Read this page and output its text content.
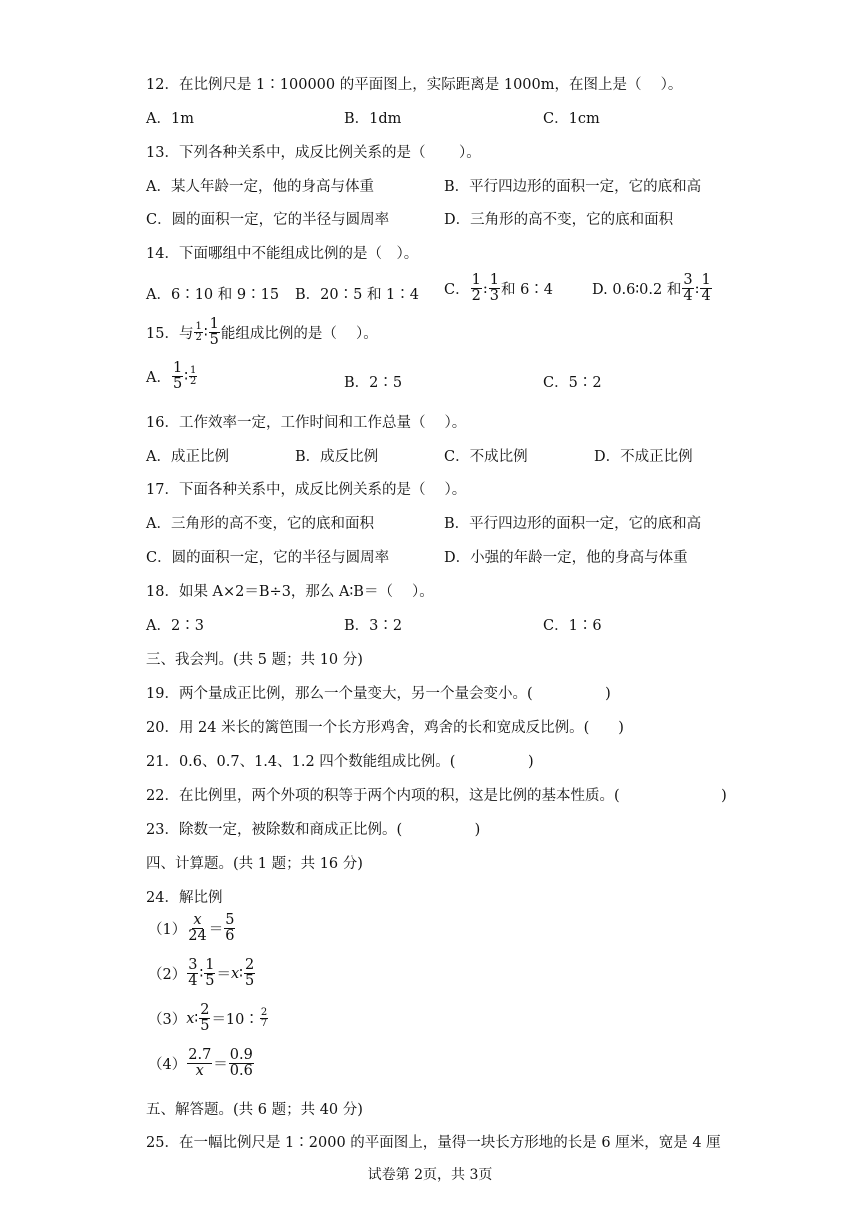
12．在比例尺是 1∶100000 的平面图上，实际距离是 1000m，在图上是（　 ）。
A．1m	B．1dm	C．1cm
13．下列各种关系中，成反比例关系的是（　　 ）。
A．某人年龄一定，他的身高与体重	B．平行四边形的面积一定，它的底和高
C．圆的面积一定，它的半径与圆周率	D．三角形的高不变，它的底和面积
14．下面哪组中不能组成比例的是（　）。
A．6∶10 和 9∶15 B．20∶5 和 1∶4 C． $\frac{1}{2}$ : $\frac{1}{3}$ 和 6∶4	D. 0.6∶0.2 和 $\frac{3}{4}$ : $\frac{1}{4}$
15．与 $\frac{1}{2}$ ∶ $\frac{1}{5}$ 能组成比例的是（　 ）。
A． $\frac{1}{5}$ ∶ $\frac{1}{2}$	B．2∶5	C．5∶2
16．工作效率一定，工作时间和工作总量（　 ）。
A．成正比例	B．成反比例	C．不成比例	D．不成正比例
17．下面各种关系中，成反比例关系的是（　 ）。
A．三角形的高不变，它的底和面积	B．平行四边形的面积一定，它的底和高
C．圆的面积一定，它的半径与圆周率	D．小强的年龄一定，他的身高与体重
18．如果 A×2＝B÷3，那么 A∶B＝（　 ）。
A．2∶3	B．3∶2	C．1∶6
三、我会判。(共 5 题；共 10 分)
19．两个量成正比例，那么一个量变大，另一个量会变小。(　　　　　)
20．用 24 米长的篱笆围一个长方形鸡舍，鸡舍的长和宽成反比例。(　　)
21．0.6、0.7、1.4、1.2 四个数能组成比例。(　　　　　)
22．在比例里，两个外项的积等于两个内项的积，这是比例的基本性质。(　　　　　　　)
23．除数一定，被除数和商成正比例。(　　　　　)
四、计算题。(共 1 题；共 16 分)
24．解比例
$(1) \frac{x}{24} = \frac{5}{6}$
$(2) \frac{3}{4}$ ∶ $\frac{1}{5} = x$ ∶ $\frac{2}{5}$
（3） x ∶ $\frac{2}{5}$ ＝10∶ $\frac{2}{7}$
$(4) \frac{2.7}{x} = \frac{0.9}{0.6}$
五、解答题。(共 6 题；共 40 分)
25．在一幅比例尺是 1∶2000 的平面图上，量得一块长方形地的长是 6 厘米，宽是 4 厘
试卷第 2页，共 3页
